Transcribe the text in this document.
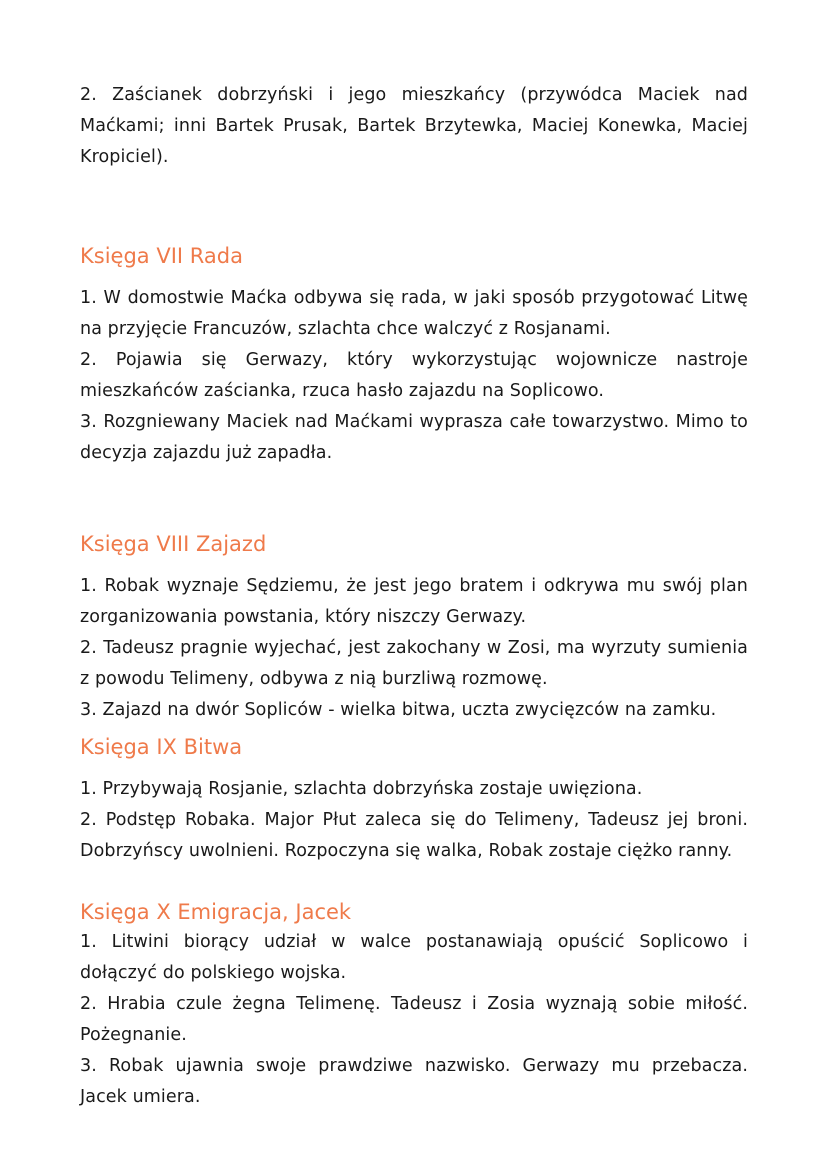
2. Zaścianek dobrzyński i jego mieszkańcy (przywódca Maciek nad Maćkami; inni Bartek Prusak, Bartek Brzytewka, Maciej Konewka, Maciej Kropiciel).

Księga VII Rada

1. W domostwie Maćka odbywa się rada, w jaki sposób przygotować Litwę na przyjęcie Francuzów, szlachta chce walczyć z Rosjanami.

2. Pojawia się Gerwazy, który wykorzystując wojownicze nastroje mieszkańców zaścianka, rzuca hasło zajazdu na Soplicowo.

3. Rozgniewany Maciek nad Maćkami wyprasza całe towarzystwo. Mimo to decyzja zajazdu już zapadła.

Księga VIII Zajazd

1. Robak wyznaje Sędziemu, że jest jego bratem i odkrywa mu swój plan zorganizowania powstania, który niszczy Gerwazy.

2. Tadeusz pragnie wyjechać, jest zakochany w Zosi, ma wyrzuty sumienia z powodu Telimeny, odbywa z nią burzliwą rozmowę.

3. Zajazd na dwór Sopliców - wielka bitwa, uczta zwycięzców na zamku.

Księga IX Bitwa

1. Przybywają Rosjanie, szlachta dobrzyńska zostaje uwięziona.

2. Podstęp Robaka. Major Płut zaleca się do Telimeny, Tadeusz jej broni. Dobrzyńscy uwolnieni. Rozpoczyna się walka, Robak zostaje ciężko ranny.

Księga X Emigracja, Jacek

1. Litwini biorący udział w walce postanawiają opuścić Soplicowo i dołączyć do polskiego wojska.

2. Hrabia czule żegna Telimenę. Tadeusz i Zosia wyznają sobie miłość. Pożegnanie.

3. Robak ujawnia swoje prawdziwe nazwisko. Gerwazy mu przebacza. Jacek umiera.
